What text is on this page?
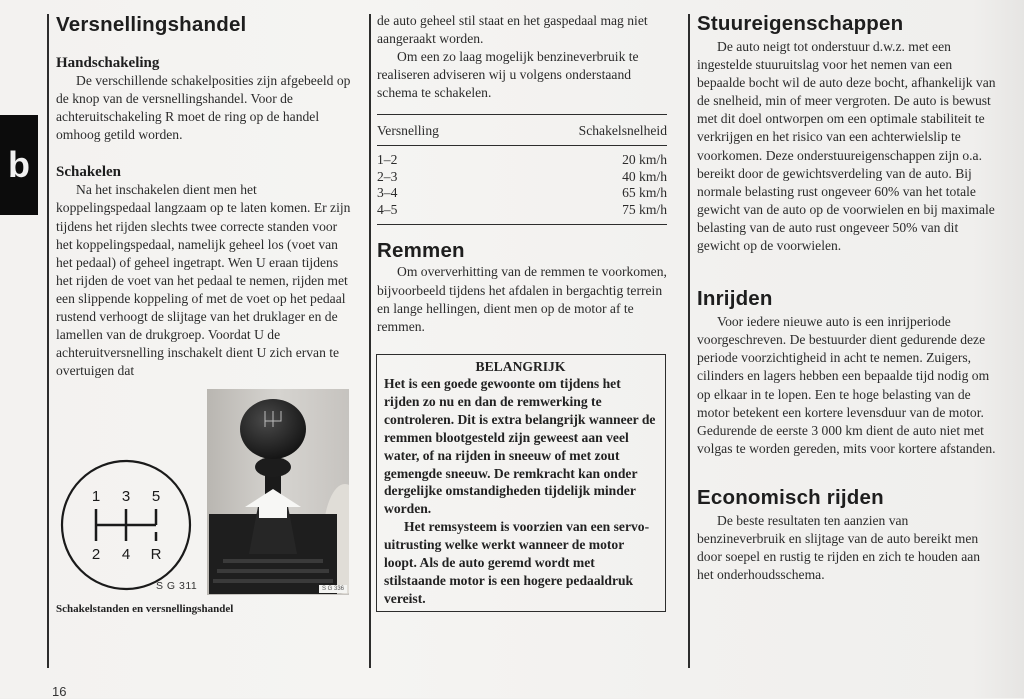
b
16
Versnellingshandel
Handschakeling

De verschillende schakelposities zijn afgebeeld op de knop van de versnellingshandel. Voor de achteruitschakeling R moet de ring op de handel omhoog getild worden.

Schakelen

Na het inschakelen dient men het koppelingspedaal langzaam op te laten komen. Er zijn tijdens het rijden slechts twee correcte standen voor het koppelingspedaal, namelijk geheel los (voet van het pedaal) of geheel ingetrapt. Wen U eraan tijdens het rijden de voet van het pedaal te nemen, rijden met een slippende koppeling of met de voet op het pedaal rustend verhoogt de slijtage van het druklager en de lamellen van de drukgroep. Voordat U de achteruitversnelling inschakelt dient U zich ervan te overtuigen dat

1 3 5
2 4 R
S G 311	S G 336
Schakelstanden en versnellingshandel

de auto geheel stil staat en het gaspedaal mag niet aangeraakt worden.

Om een zo laag mogelijk benzineverbruik te realiseren adviseren wij u volgens onderstaand schema te schakelen.

Versnelling	Schakelsnelheid
1–2	20 km/h
2–3	40 km/h
3–4	65 km/h
4–5	75 km/h
Remmen

Om oververhitting van de remmen te voorkomen, bijvoorbeeld tijdens het afdalen in bergachtig terrein en lange hellingen, dient men op de motor af te remmen.

BELANGRIJK

Het is een goede gewoonte om tijdens het rijden zo nu en dan de remwerking te controleren. Dit is extra belangrijk wanneer de remmen blootgesteld zijn geweest aan veel water, of na rijden in sneeuw of met zout gemengde sneeuw. De remkracht kan onder dergelijke omstandigheden tijdelijk minder worden.

Het remsysteem is voorzien van een servo-uitrusting welke werkt wanneer de motor loopt. Als de auto geremd wordt met stilstaande motor is een hogere pedaaldruk vereist.

Stuureigenschappen

De auto neigt tot onderstuur d.w.z. met een ingestelde stuuruitslag voor het nemen van een bepaalde bocht wil de auto deze bocht, afhankelijk van de snelheid, min of meer vergroten. De auto is bewust met dit doel ontworpen om een optimale stabiliteit te verkrijgen en het risico van een achterwielslip te voorkomen. Deze onderstuureigenschappen zijn o.a. bereikt door de gewichtsverdeling van de auto. Bij normale belasting rust ongeveer 60% van het totale gewicht van de auto op de voorwielen en bij maximale belasting van de auto rust ongeveer 50% van dit gewicht op de voorwielen.

Inrijden

Voor iedere nieuwe auto is een inrijperiode voorgeschreven. De bestuurder dient gedurende deze periode voorzichtigheid in acht te nemen. Zuigers, cilinders en lagers hebben een bepaalde tijd nodig om op elkaar in te lopen. Een te hoge belasting van de motor betekent een kortere levensduur van de motor. Gedurende de eerste 3 000 km dient de auto niet met volgas te worden gereden, mits voor kortere afstanden.

Economisch rijden

De beste resultaten ten aanzien van benzineverbruik en slijtage van de auto bereikt men door soepel en rustig te rijden en zich te houden aan het onderhoudsschema.
